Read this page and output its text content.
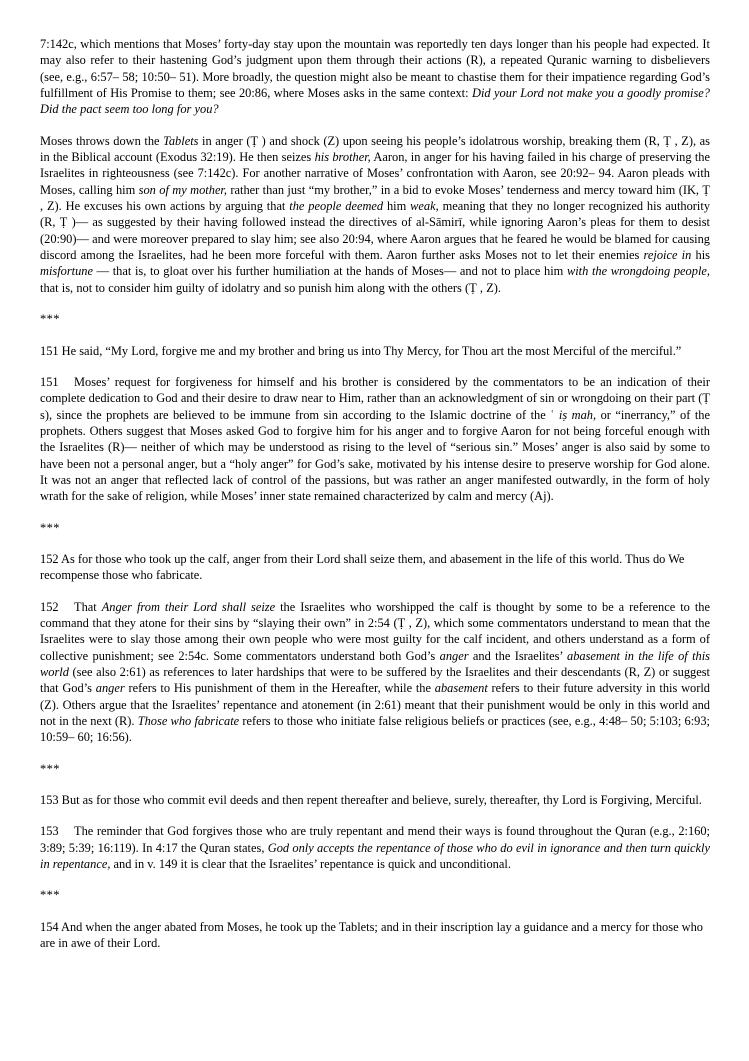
7:142c, which mentions that Moses’ forty-day stay upon the mountain was reportedly ten days longer than his people had expected. It may also refer to their hastening God’s judgment upon them through their actions (R), a repeated Quranic warning to disbelievers (see, e.g., 6:57– 58; 10:50– 51). More broadly, the question might also be meant to chastise them for their impatience regarding God’s fulfillment of His Promise to them; see 20:86, where Moses asks in the same context: Did your Lord not make you a goodly promise? Did the pact seem too long for you?

Moses throws down the Tablets in anger (Ṭ ) and shock (Z) upon seeing his people’s idolatrous worship, breaking them (R, Ṭ , Z), as in the Biblical account (Exodus 32:19). He then seizes his brother, Aaron, in anger for his having failed in his charge of preserving the Israelites in righteousness (see 7:142c). For another narrative of Moses’ confrontation with Aaron, see 20:92– 94. Aaron pleads with Moses, calling him son of my mother, rather than just “my brother,” in a bid to evoke Moses’ tenderness and mercy toward him (IK, Ṭ , Z). He excuses his own actions by arguing that the people deemed him weak, meaning that they no longer recognized his authority (R, Ṭ )— as suggested by their having followed instead the directives of al-Sāmirī, while ignoring Aaron’s pleas for them to desist (20:90)— and were moreover prepared to slay him; see also 20:94, where Aaron argues that he feared he would be blamed for causing discord among the Israelites, had he been more forceful with them. Aaron further asks Moses not to let their enemies rejoice in his misfortune — that is, to gloat over his further humiliation at the hands of Moses— and not to place him with the wrongdoing people, that is, not to consider him guilty of idolatry and so punish him along with the others (Ṭ , Z).

***

151 He said, “My Lord, forgive me and my brother and bring us into Thy Mercy, for Thou art the most Merciful of the merciful.”

151 Moses’ request for forgiveness for himself and his brother is considered by the commentators to be an indication of their complete dedication to God and their desire to draw near to Him, rather than an acknowledgment of sin or wrongdoing on their part (Ṭ s), since the prophets are believed to be immune from sin according to the Islamic doctrine of the ʿ iṣ mah, or “inerrancy,” of the prophets. Others suggest that Moses asked God to forgive him for his anger and to forgive Aaron for not being forceful enough with the Israelites (R)— neither of which may be understood as rising to the level of “serious sin.” Moses’ anger is also said by some to have been not a personal anger, but a “holy anger” for God’s sake, motivated by his intense desire to preserve worship for God alone. It was not an anger that reflected lack of control of the passions, but was rather an anger manifested outwardly, in the form of holy wrath for the sake of religion, while Moses’ inner state remained characterized by calm and mercy (Aj).

***

152 As for those who took up the calf, anger from their Lord shall seize them, and abasement in the life of this world. Thus do We recompense those who fabricate.

152 That Anger from their Lord shall seize the Israelites who worshipped the calf is thought by some to be a reference to the command that they atone for their sins by “slaying their own” in 2:54 (Ṭ , Z), which some commentators understand to mean that the Israelites were to slay those among their own people who were most guilty for the calf incident, and others understand as a form of collective punishment; see 2:54c. Some commentators understand both God’s anger and the Israelites’ abasement in the life of this world (see also 2:61) as references to later hardships that were to be suffered by the Israelites and their descendants (R, Z) or suggest that God’s anger refers to His punishment of them in the Hereafter, while the abasement refers to their future adversity in this world (Z). Others argue that the Israelites’ repentance and atonement (in 2:61) meant that their punishment would be only in this world and not in the next (R). Those who fabricate refers to those who initiate false religious beliefs or practices (see, e.g., 4:48– 50; 5:103; 6:93; 10:59– 60; 16:56).

***

153 But as for those who commit evil deeds and then repent thereafter and believe, surely, thereafter, thy Lord is Forgiving, Merciful.

153 The reminder that God forgives those who are truly repentant and mend their ways is found throughout the Quran (e.g., 2:160; 3:89; 5:39; 16:119). In 4:17 the Quran states, God only accepts the repentance of those who do evil in ignorance and then turn quickly in repentance, and in v. 149 it is clear that the Israelites’ repentance is quick and unconditional.

***

154 And when the anger abated from Moses, he took up the Tablets; and in their inscription lay a guidance and a mercy for those who are in awe of their Lord.
